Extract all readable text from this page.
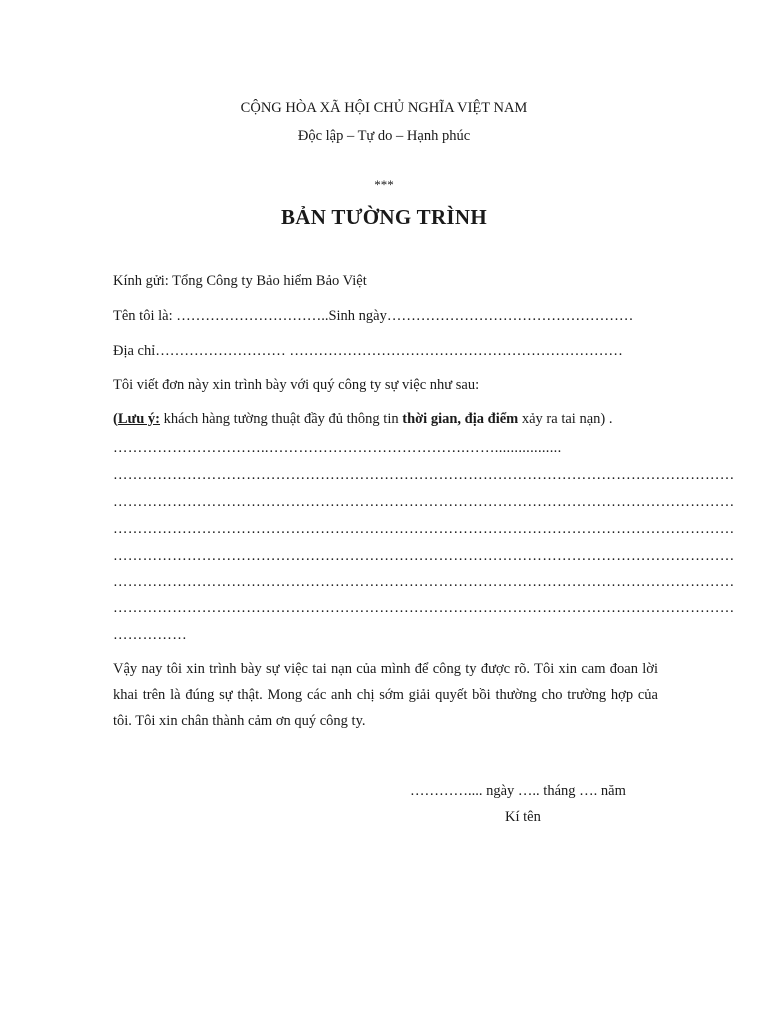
CỘNG HÒA XÃ HỘI CHỦ NGHĨA VIỆT NAM
Độc lập – Tự do – Hạnh phúc
***
BẢN TƯỜNG TRÌNH
Kính gửi: Tổng Công ty Bảo hiểm Bảo Việt
Tên tôi là: …………………………..Sinh ngày……………………………………………
Địa chỉ……………………… ……………………………………………………………
Tôi viết đơn này xin trình bày với quý công ty sự việc như sau:
(Lưu ý: khách hàng tường thuật đầy đủ thông tin thời gian, địa điểm xảy ra tai nạn) .
…………………………..………………………………….…….................
………………………………………………………………………………………………………………
………………………………………………………………………………………………………………
………………………………………………………………………………………………………………
………………………………………………………………………………………………………………
………………………………………………………………………………………………………………
………………………………………………………………………………………………………………
……………
Vậy nay tôi xin trình bày sự việc tai nạn của mình để công ty được rõ. Tôi xin cam đoan lời khai trên là đúng sự thật. Mong các anh chị sớm giải quyết bồi thường cho trường hợp của tôi. Tôi xin chân thành cảm ơn quý công ty.
………….... ngày ….. tháng …. năm
Kí tên
